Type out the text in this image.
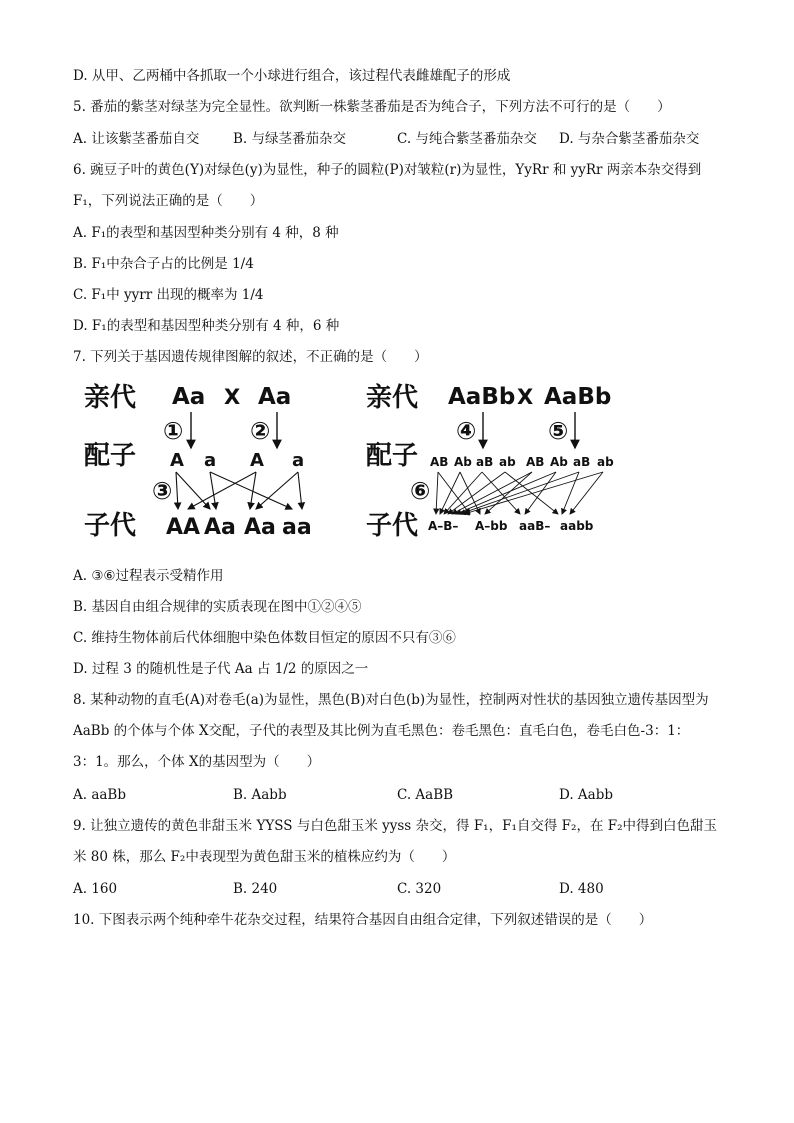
D. 从甲、乙两桶中各抓取一个小球进行组合，该过程代表雌雄配子的形成
5. 番茄的紫茎对绿茎为完全显性。欲判断一株紫茎番茄是否为纯合子，下列方法不可行的是（　　）
A. 让该紫茎番茄自交 B. 与绿茎番茄杂交	C. 与纯合紫茎番茄杂交 D. 与杂合紫茎番茄杂交
6. 豌豆子叶的黄色(Y)对绿色(y)为显性，种子的圆粒(P)对皱粒(r)为显性，YyRr 和 yyRr 两亲本杂交得到
F₁，下列说法正确的是（　　）
A. F₁的表型和基因型种类分别有 4 种，8 种
B. F₁中杂合子占的比例是 1/4
C. F₁中 yyrr 出现的概率为 1/4
D. F₁的表型和基因型种类分别有 4 种，6 种
7. 下列关于基因遗传规律图解的叙述，不正确的是（　　）
亲代 Aa X Aa
①	②
配子 A a A a
③
子代 AA Aa Aa aa
亲代 AaBb X AaBb
④	⑤
配子 AB Ab aB ab AB Ab aB ab
⑥
子代 A–B– A–bb aaB– aabb
A. ③⑥过程表示受精作用
B. 基因自由组合规律的实质表现在图中①②④⑤
C. 维持生物体前后代体细胞中染色体数目恒定的原因不只有③⑥
D. 过程 3 的随机性是子代 Aa 占 1/2 的原因之一
8. 某种动物的直毛(A)对卷毛(a)为显性，黑色(B)对白色(b)为显性，控制两对性状的基因独立遗传基因型为
AaBb 的个体与个体 X交配，子代的表型及其比例为直毛黑色：卷毛黑色：直毛白色，卷毛白色-3：1：
3：1。那么，个体 X的基因型为（　　）
A. aaBb	B. Aabb	C. AaBB	D. Aabb
9. 让独立遗传的黄色非甜玉米 YYSS 与白色甜玉米 yyss 杂交，得 F₁，F₁自交得 F₂，在 F₂中得到白色甜玉
米 80 株，那么 F₂中表现型为黄色甜玉米的植株应约为（　　）
A. 160	B. 240	C. 320	D. 480
10. 下图表示两个纯种牵牛花杂交过程，结果符合基因自由组合定律，下列叙述错误的是（　　）
